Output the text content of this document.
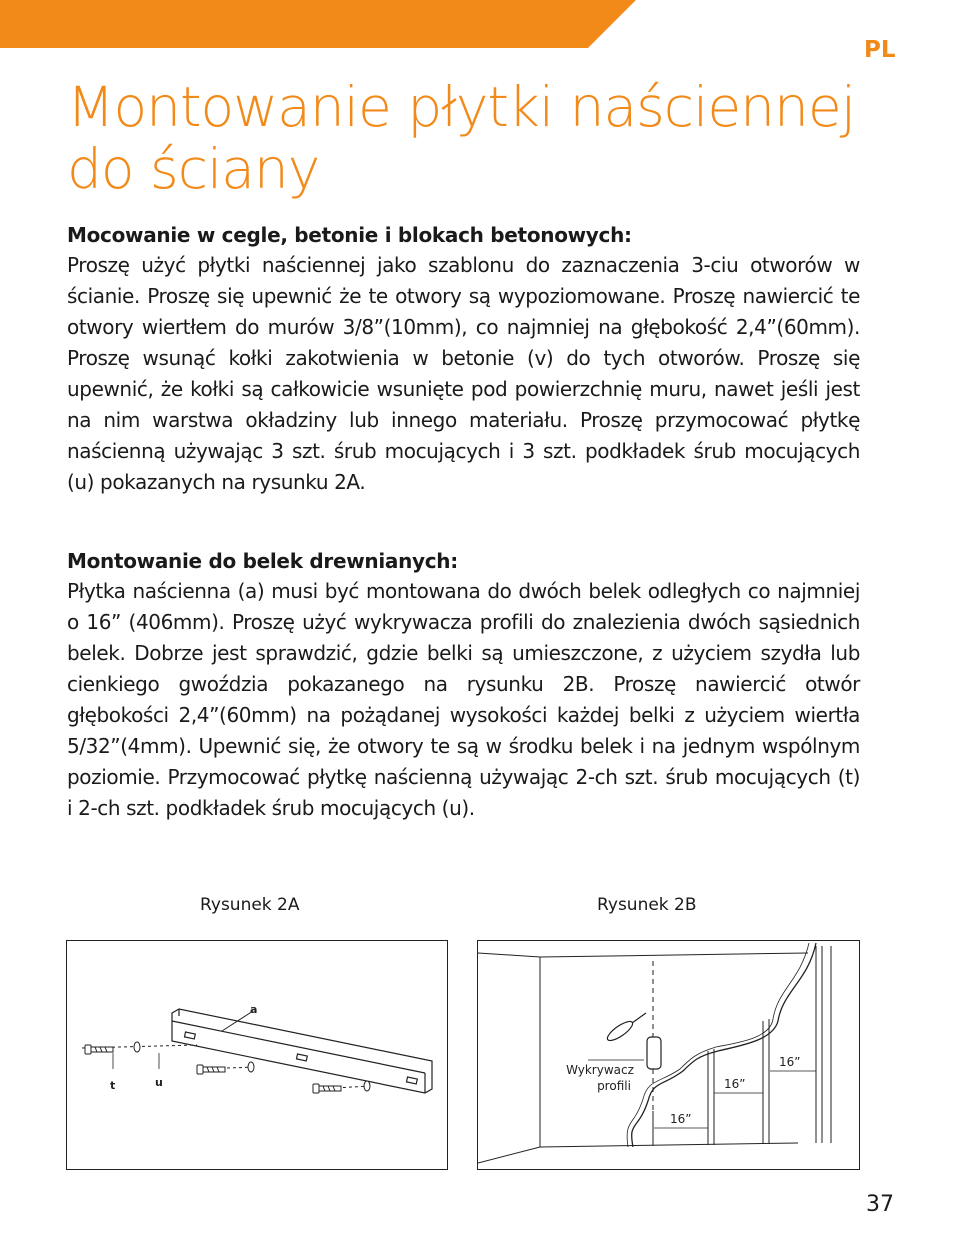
PL
Montowanie płytki naściennej
do ściany

Mocowanie w cegle, betonie i blokach betonowych:

Proszę użyć płytki naściennej jako szablonu do zaznaczenia 3-ciu otworów w ścianie. Proszę się upewnić że te otwory są wypoziomowane. Proszę nawiercić te otwory wiertłem do murów 3/8”(10mm), co najmniej na głębokość 2,4”(60mm). Proszę wsunąć kołki zakotwienia w betonie (v) do tych otworów. Proszę się upewnić, że kołki są całkowicie wsunięte pod powierzchnię muru, nawet jeśli jest na nim warstwa okładziny lub innego materiału. Proszę przymocować płytkę naścienną używając 3 szt. śrub mocujących i 3 szt. podkładek śrub mocujących (u) pokazanych na rysunku 2A.

Montowanie do belek drewnianych:

Płytka naścienna (a) musi być montowana do dwóch belek odległych co najmniej o 16” (406mm). Proszę użyć wykrywacza profili do znalezienia dwóch sąsiednich belek. Dobrze jest sprawdzić, gdzie belki są umieszczone, z użyciem szydła lub cienkiego gwoździa pokazanego na rysunku 2B. Proszę nawiercić otwór głębokości 2,4”(60mm) na pożądanej wysokości każdej belki z użyciem wiertła 5/32”(4mm). Upewnić się, że otwory te są w środku belek i na jednym wspólnym poziomie. Przymocować płytkę naścienną używając 2-ch szt. śrub mocujących (t) i 2-ch szt. podkładek śrub mocujących (u).

Rysunek 2A	Rysunek 2B
a
t	u
Wykrywacz
profili
16”
16”
16”
37
